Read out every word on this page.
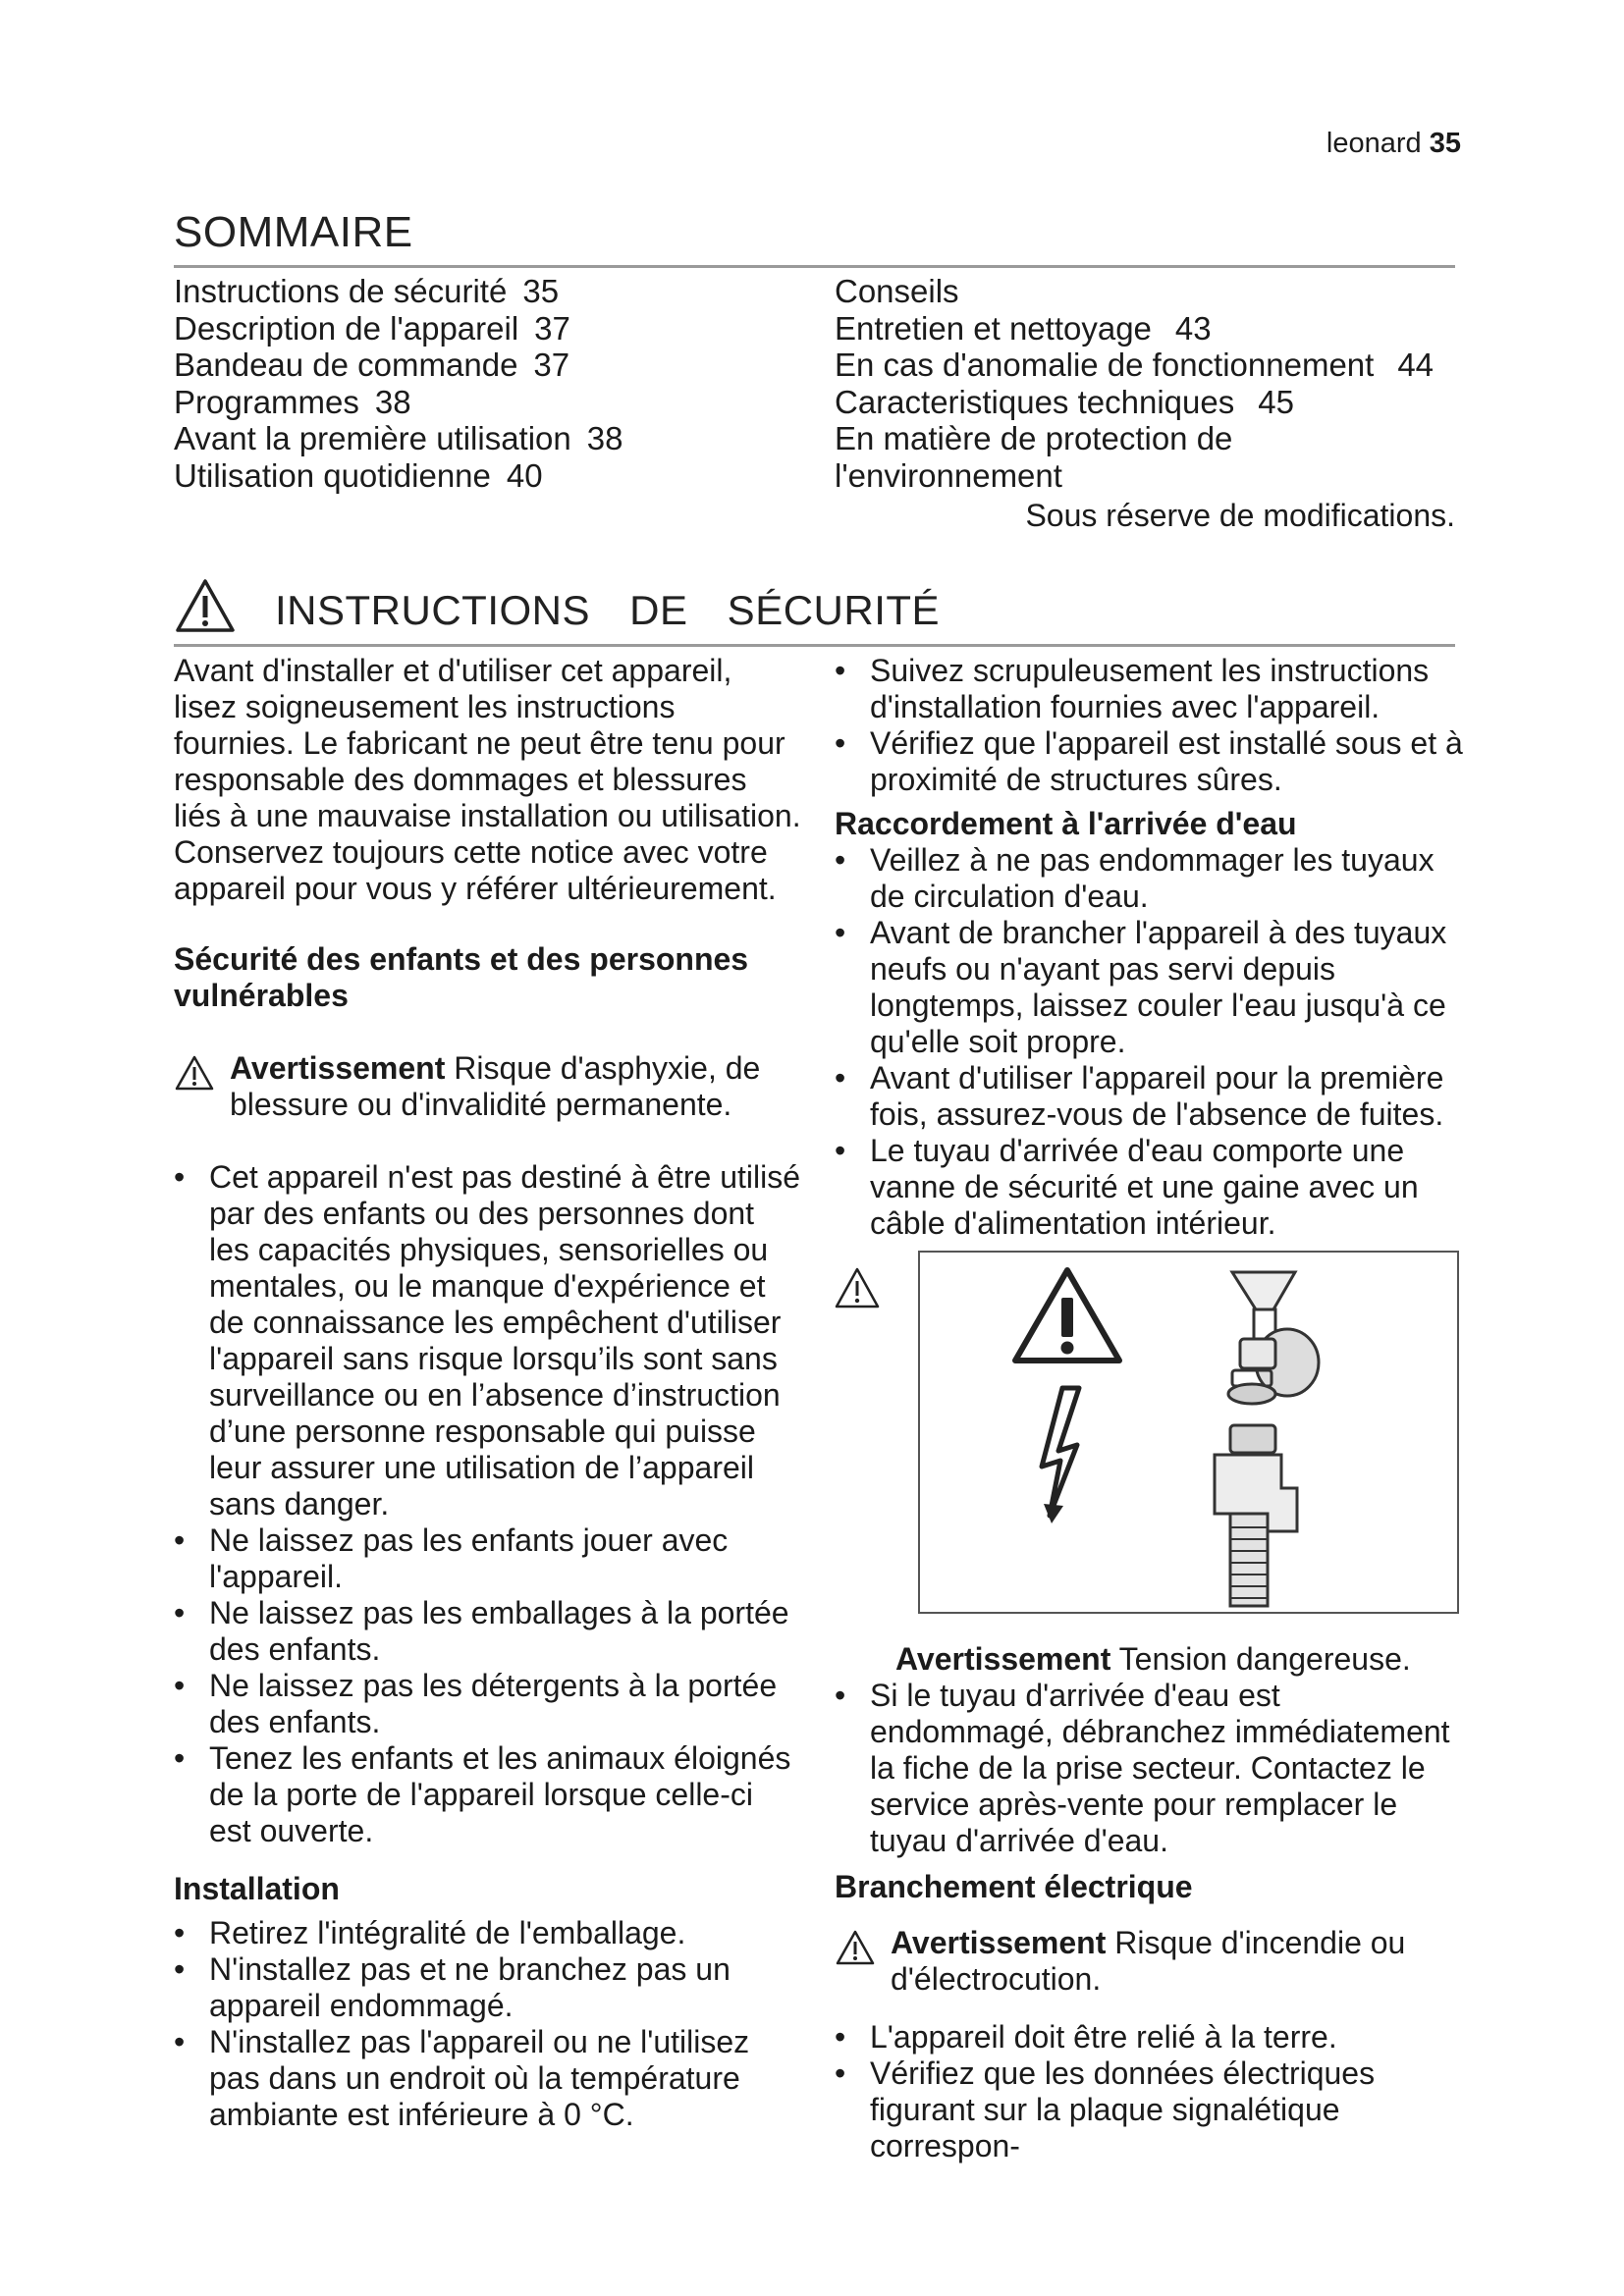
leonard 35
SOMMAIRE
Instructions de sécurité 35
Description de l'appareil 37
Bandeau de commande 37
Programmes 38
Avant la première utilisation 38
Utilisation quotidienne 40
Conseils
Entretien et nettoyage 43
En cas d'anomalie de fonctionnement 44
Caracteristiques techniques 45
En matière de protection de
l'environnement
Sous réserve de modifications.
INSTRUCTIONS DE SÉCURITÉ

Avant d'installer et d'utiliser cet appareil, lisez soigneusement les instructions fournies. Le fabricant ne peut être tenu pour responsable des dommages et blessures liés à une mauvaise installation ou utilisation. Conservez toujours cette notice avec votre appareil pour vous y référer ultérieurement.

Sécurité des enfants et des personnes vulnérables
Avertissement Risque d'asphyxie, de blessure ou d'invalidité permanente.
• Cet appareil n'est pas destiné à être utilisé par des enfants ou des personnes dont les capacités physiques, sensorielles ou mentales, ou le manque d'expérience et de connaissance les empêchent d'utiliser l'appareil sans risque lorsqu’ils sont sans surveillance ou en l’absence d’instruction d’une personne responsable qui puisse leur assurer une utilisation de l’appareil sans danger.
• Ne laissez pas les enfants jouer avec l'appareil.
• Ne laissez pas les emballages à la portée des enfants.
• Ne laissez pas les détergents à la portée des enfants.
• Tenez les enfants et les animaux éloignés de la porte de l'appareil lorsque celle-ci est ouverte.
Installation
• Retirez l'intégralité de l'emballage.
• N'installez pas et ne branchez pas un appareil endommagé.
• N'installez pas l'appareil ou ne l'utilisez pas dans un endroit où la température ambiante est inférieure à 0 °C.
• Suivez scrupuleusement les instructions d'installation fournies avec l'appareil.
• Vérifiez que l'appareil est installé sous et à proximité de structures sûres.
Raccordement à l'arrivée d'eau
• Veillez à ne pas endommager les tuyaux de circulation d'eau.
• Avant de brancher l'appareil à des tuyaux neufs ou n'ayant pas servi depuis longtemps, laissez couler l'eau jusqu'à ce qu'elle soit propre.
• Avant d'utiliser l'appareil pour la première fois, assurez-vous de l'absence de fuites.
• Le tuyau d'arrivée d'eau comporte une vanne de sécurité et une gaine avec un câble d'alimentation intérieur.
Avertissement Tension dangereuse.
• Si le tuyau d'arrivée d'eau est endommagé, débranchez immédiatement la fiche de la prise secteur. Contactez le service après-vente pour remplacer le tuyau d'arrivée d'eau.
Branchement électrique
Avertissement Risque d'incendie ou d'électrocution.
• L'appareil doit être relié à la terre.
• Vérifiez que les données électriques figurant sur la plaque signalétique correspon-
